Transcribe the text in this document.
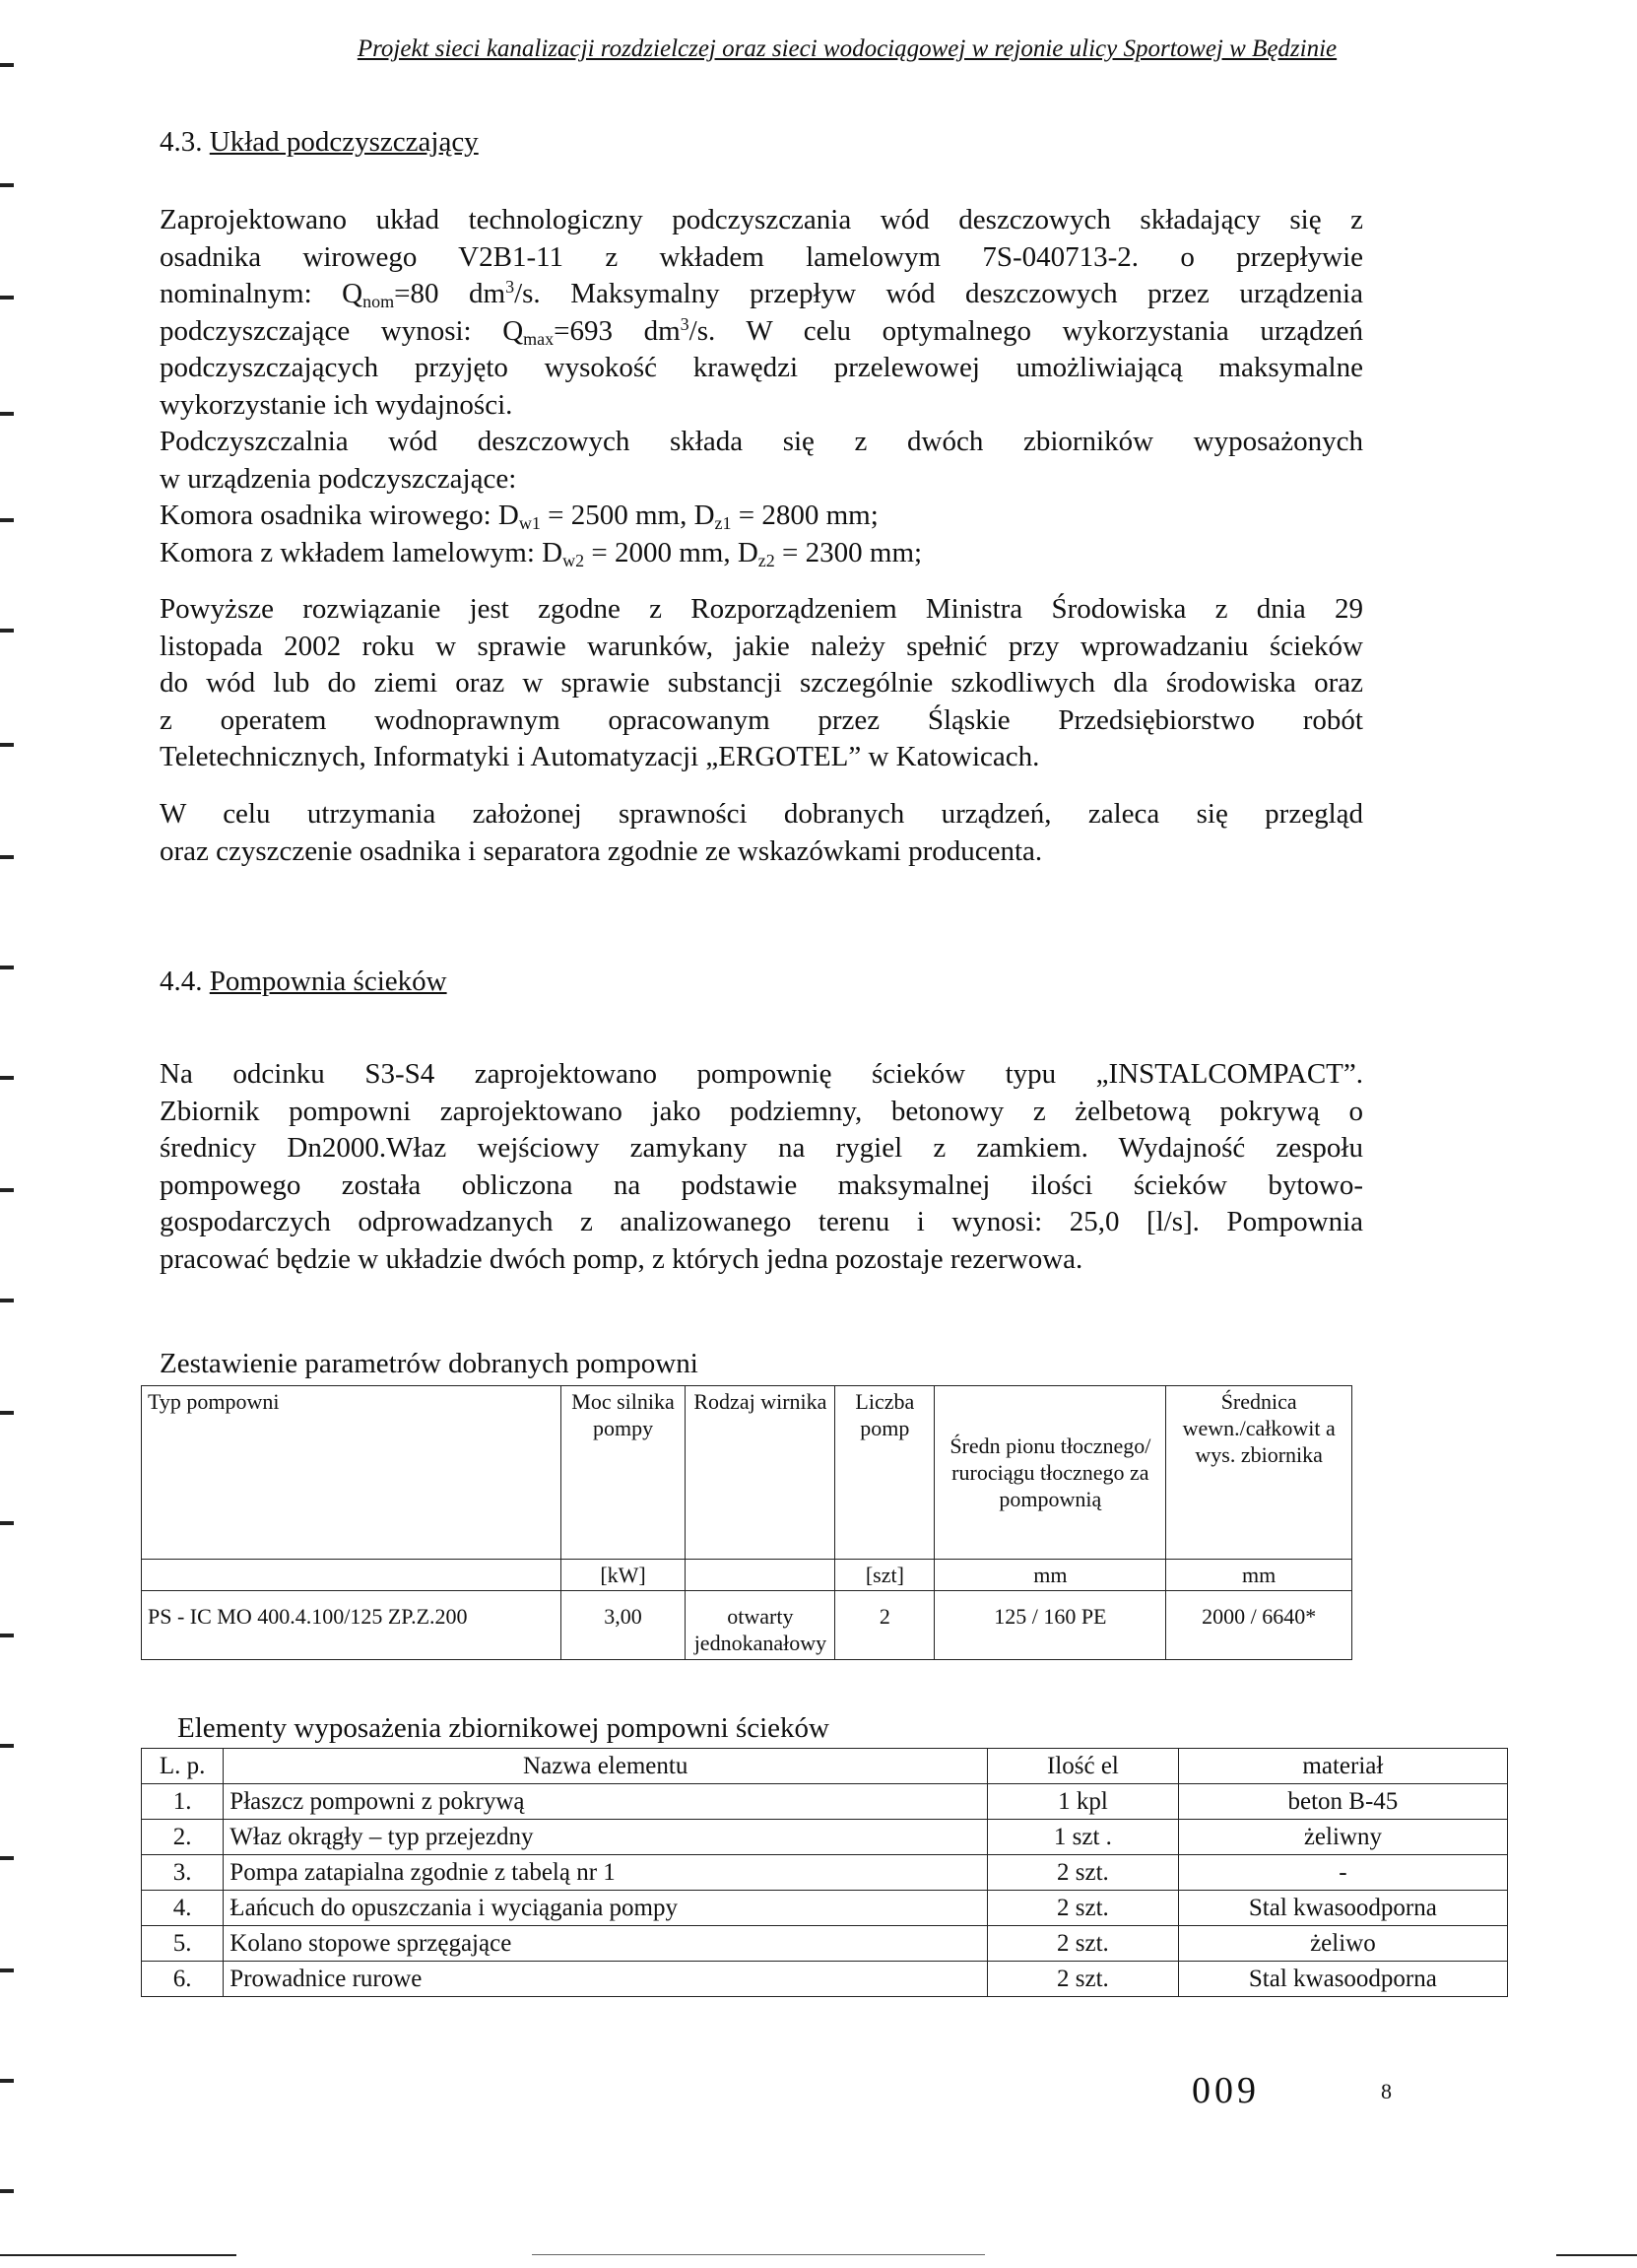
Projekt sieci kanalizacji rozdzielczej oraz sieci wodociągowej w rejonie ulicy Sportowej w Będzinie
4.3. Układ podczyszczający
Zaprojektowano układ technologiczny podczyszczania wód deszczowych składający się z
osadnika wirowego V2B1-11 z wkładem lamelowym 7S-040713-2. o przepływie
nominalnym: $Q_{nom}=80$ $dm^3/s$. Maksymalny przepływ wód deszczowych przez urządzenia
podczyszczające wynosi: $Q_{max}=693$ $dm^3/s$. W celu optymalnego wykorzystania urządzeń
podczyszczających przyjęto wysokość krawędzi przelewowej umożliwiającą maksymalne
wykorzystanie ich wydajności.
Podczyszczalnia wód deszczowych składa się z dwóch zbiorników wyposażonych
w urządzenia podczyszczające:
Komora osadnika wirowego: $D_{w1} = 2500$ mm, $D_{z1} = 2800$ mm;
Komora z wkładem lamelowym: $D_{w2} = 2000$ mm, $D_{z2} = 2300$ mm;
Powyższe rozwiązanie jest zgodne z Rozporządzeniem Ministra Środowiska z dnia 29
listopada 2002 roku w sprawie warunków, jakie należy spełnić przy wprowadzaniu ścieków
do wód lub do ziemi oraz w sprawie substancji szczególnie szkodliwych dla środowiska oraz
z operatem wodnoprawnym opracowanym przez Śląskie Przedsiębiorstwo robót
Teletechnicznych, Informatyki i Automatyzacji „ERGOTEL” w Katowicach.
W celu utrzymania założonej sprawności dobranych urządzeń, zaleca się przegląd
oraz czyszczenie osadnika i separatora zgodnie ze wskazówkami producenta.
4.4. Pompownia ścieków
Na odcinku S3-S4 zaprojektowano pompownię ścieków typu „INSTALCOMPACT”.
Zbiornik pompowni zaprojektowano jako podziemny, betonowy z żelbetową pokrywą o
średnicy Dn2000.Właz wejściowy zamykany na rygiel z zamkiem. Wydajność zespołu
pompowego została obliczona na podstawie maksymalnej ilości ścieków bytowo-
gospodarczych odprowadzanych z analizowanego terenu i wynosi: 25,0 [l/s]. Pompownia
pracować będzie w układzie dwóch pomp, z których jedna pozostaje rezerwowa.
Zestawienie parametrów dobranych pompowni
Typ pompowni	Moc silnika pompy	Rodzaj wirnika	Liczba pomp	Średn pionu tłocznego/ rurociągu tłocznego za pompownią	Średnica wewn./całkowit a wys. zbiornika
	[kW]		[szt]	mm	mm
PS - IC MO 400.4.100/125 ZP.Z.200	3,00	otwarty jednokanałowy	2	125 / 160 PE	2000 / 6640*
Elementy wyposażenia zbiornikowej pompowni ścieków
L. p.	Nazwa elementu	Ilość el	materiał
1.	Płaszcz pompowni z pokrywą	1 kpl	beton B-45
2.	Właz okrągły – typ przejezdny	1 szt .	żeliwny
3.	Pompa zatapialna zgodnie z tabelą nr 1	2 szt.	-
4.	Łańcuch do opuszczania i wyciągania pompy	2 szt.	Stal kwasoodporna
5.	Kolano stopowe sprzęgające	2 szt.	żeliwo
6.	Prowadnice rurowe	2 szt.	Stal kwasoodporna
009	8
